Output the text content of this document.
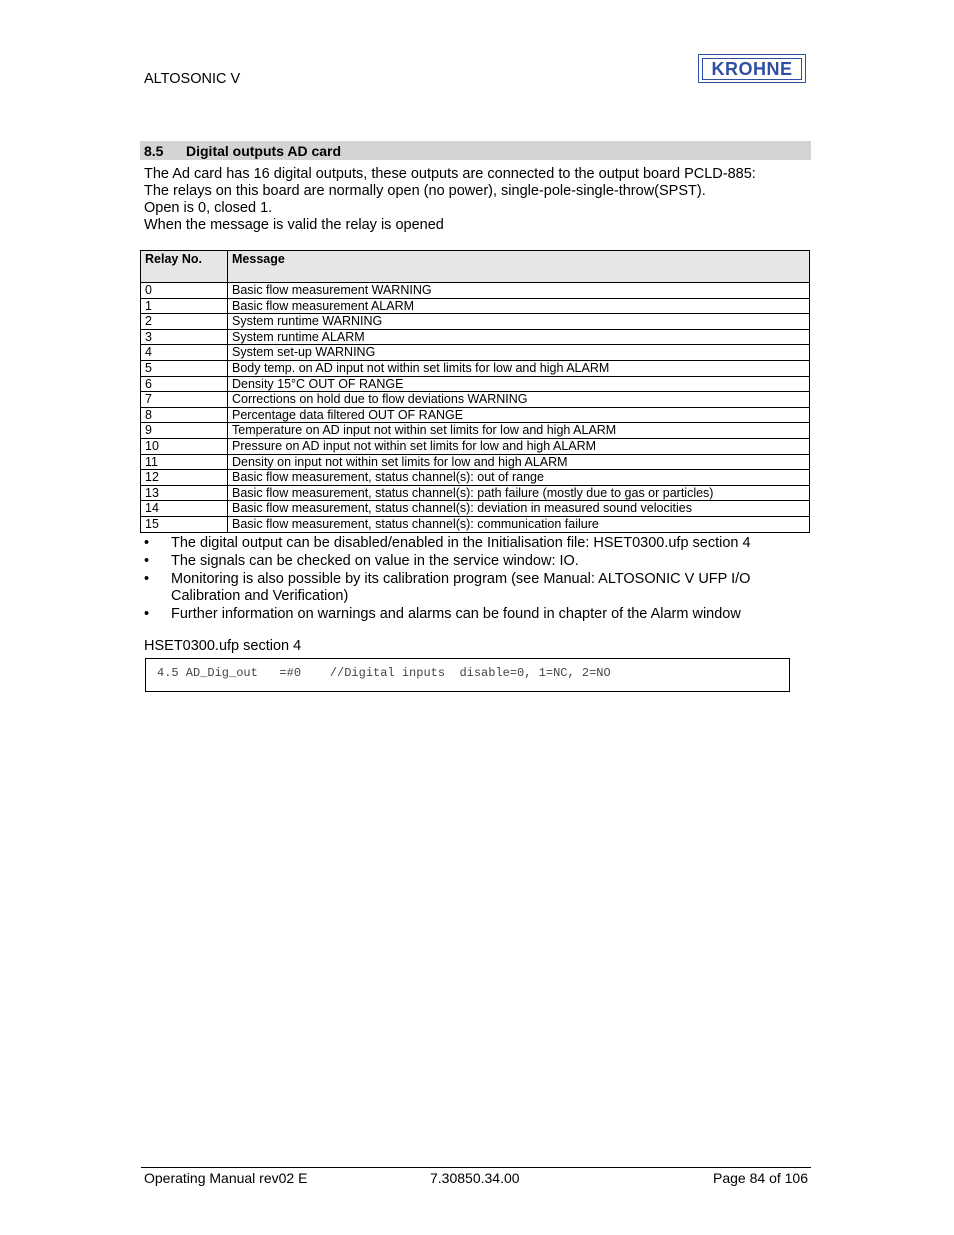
ALTOSONIC V
KROHNE
8.5 Digital outputs AD card
The Ad card has 16 digital outputs, these outputs are connected to the output board PCLD-885:
The relays on this board are normally open (no power), single-pole-single-throw(SPST).
Open is 0, closed 1.
When the message is valid the relay is opened
Relay No.	Message
0	Basic flow measurement WARNING
1	Basic flow measurement ALARM
2	System runtime WARNING
3	System runtime ALARM
4	System set-up WARNING
5	Body temp. on AD input not within set limits for low and high ALARM
6	Density 15°C OUT OF RANGE
7	Corrections on hold due to flow deviations WARNING
8	Percentage data filtered OUT OF RANGE
9	Temperature on AD input not within set limits for low and high ALARM
10	Pressure on AD input not within set limits for low and high ALARM
11	Density on input not within set limits for low and high ALARM
12	Basic flow measurement, status channel(s): out of range
13	Basic flow measurement, status channel(s): path failure (mostly due to gas or particles)
14	Basic flow measurement, status channel(s): deviation in measured sound velocities
15	Basic flow measurement, status channel(s): communication failure
• The digital output can be disabled/enabled in the Initialisation file: HSET0300.ufp section 4
• The signals can be checked on value in the service window: IO.
• Monitoring is also possible by its calibration program (see Manual: ALTOSONIC V UFP I/O Calibration and Verification)
• Further information on warnings and alarms can be found in chapter of the Alarm window
HSET0300.ufp section 4
4.5 AD_Dig_out   =#0    //Digital inputs  disable=0, 1=NC, 2=NO
Operating Manual rev02 E	7.30850.34.00	Page 84 of 106
